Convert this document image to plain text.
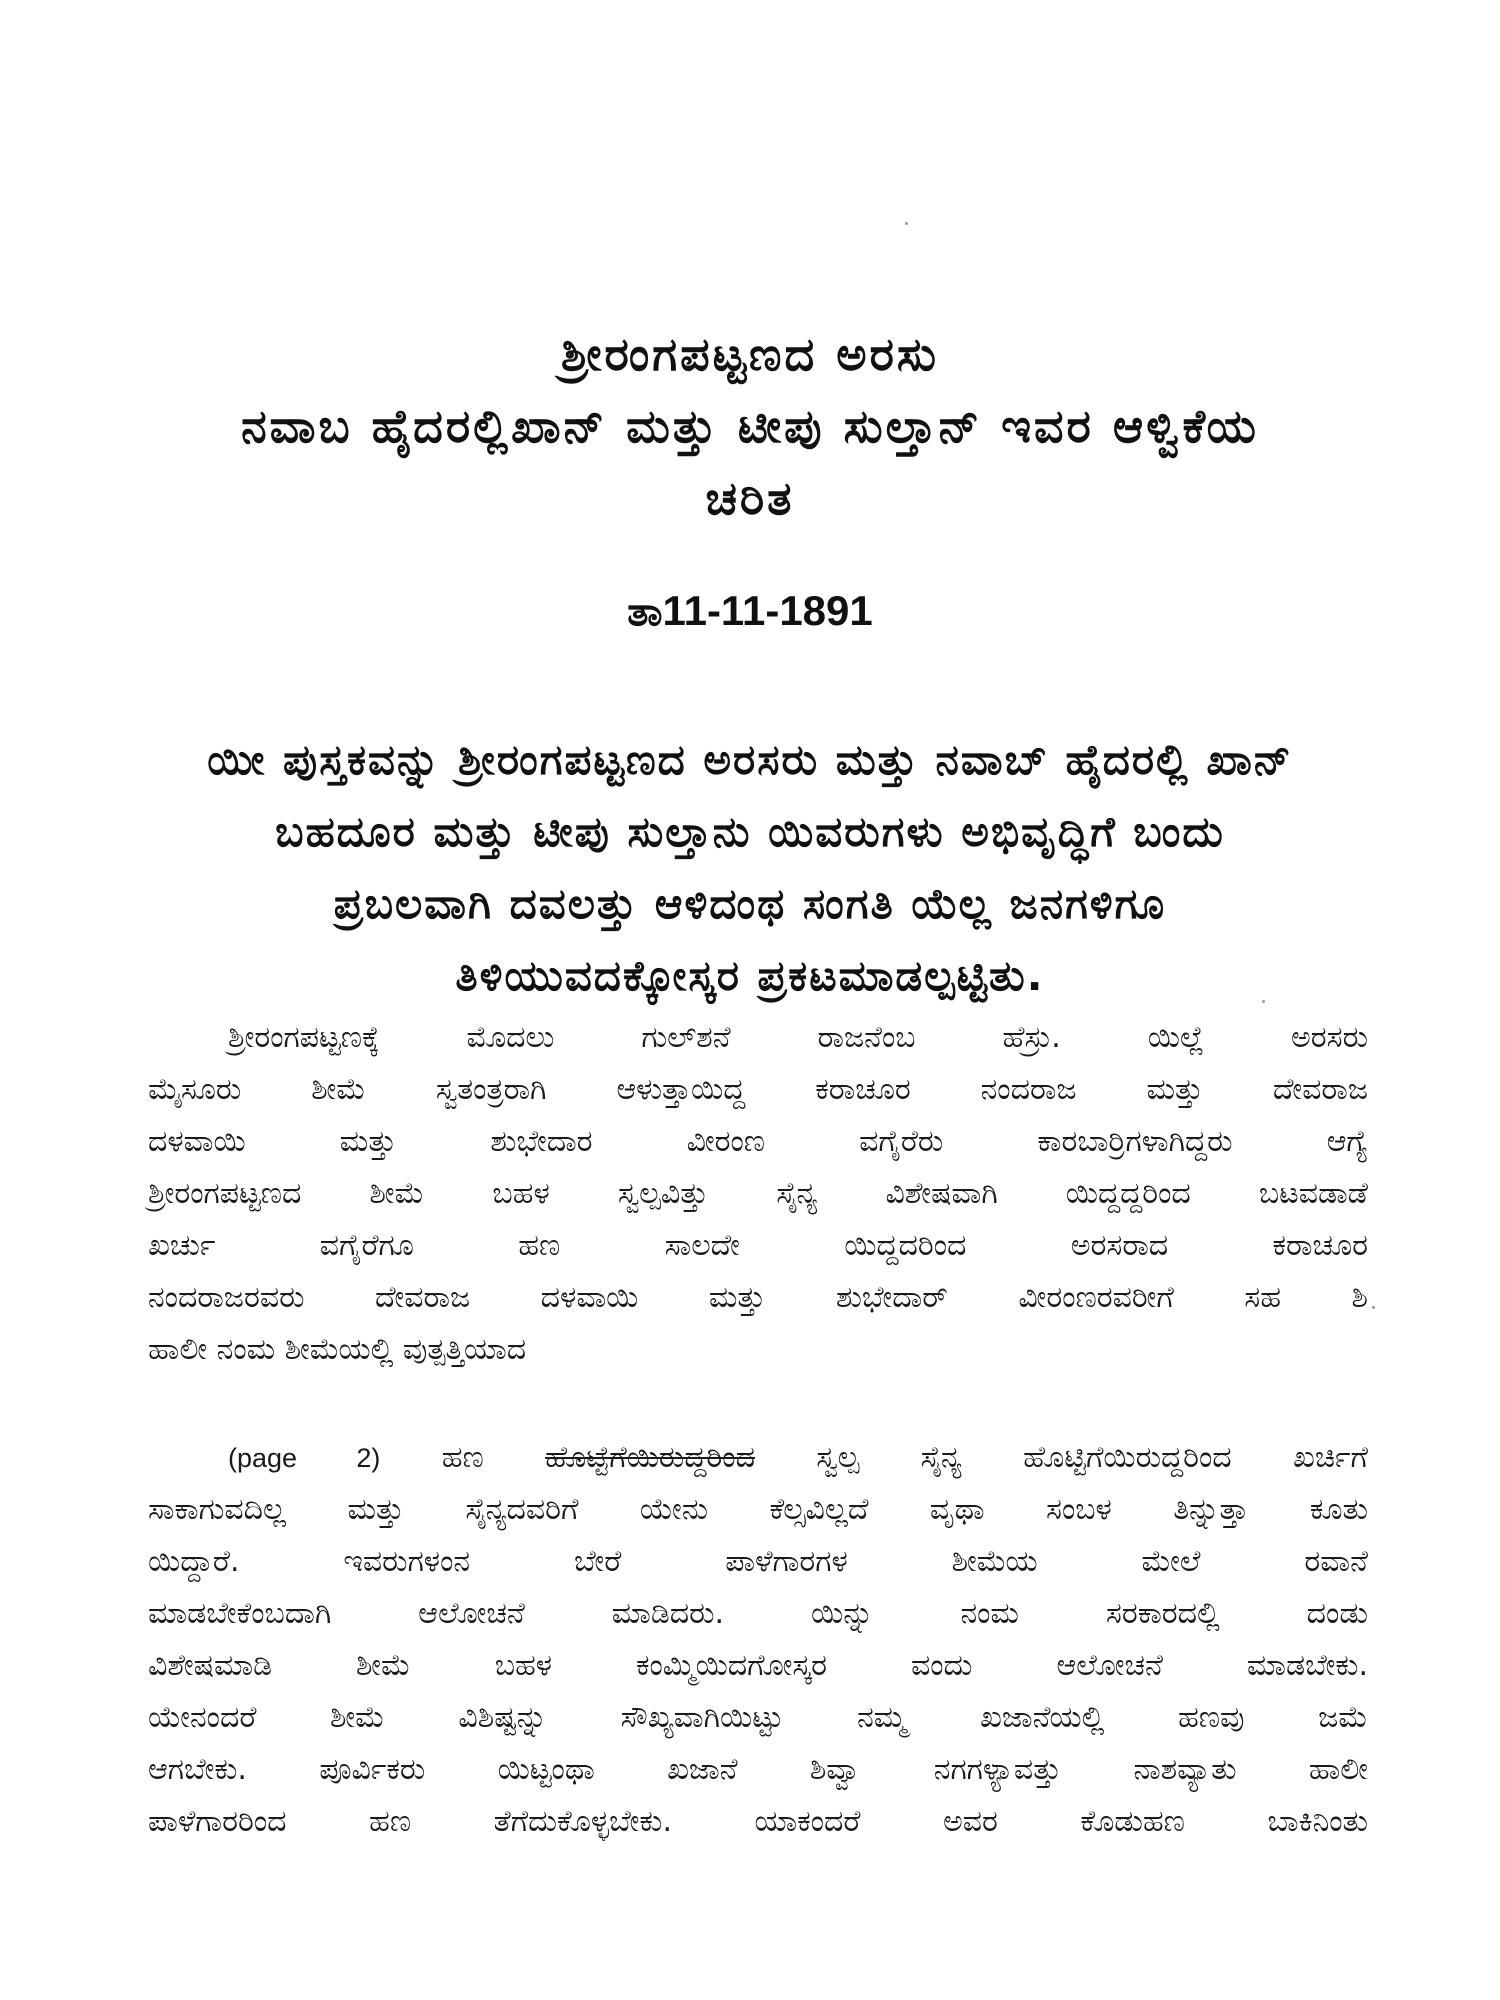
ಶ್ರೀರಂಗಪಟ್ಟಣದ ಅರಸು
ನವಾಬ ಹೈದರಲ್ಲಿಖಾನ್ ಮತ್ತು ಟೀಪು ಸುಲ್ತಾನ್ ಇವರ ಆಳ್ವಿಕೆಯ
ಚರಿತ
ತಾ11-11-1891
ಯೀ ಪುಸ್ತಕವನ್ನು ಶ್ರೀರಂಗಪಟ್ಟಣದ ಅರಸರು ಮತ್ತು ನವಾಬ್ ಹೈದರಲ್ಲಿ ಖಾನ್
ಬಹದೂರ ಮತ್ತು ಟೀಪು ಸುಲ್ತಾನು ಯಿವರುಗಳು ಅಭಿವೃದ್ಧಿಗೆ ಬಂದು
ಪ್ರಬಲವಾಗಿ ದವಲತ್ತು ಆಳಿದಂಥ ಸಂಗತಿ ಯೆಲ್ಲ ಜನಗಳಿಗೂ
ತಿಳಿಯುವದಕ್ಕೋಸ್ಕರ ಪ್ರಕಟಮಾಡಲ್ಪಟ್ಟಿತು.
ಶ್ರೀರಂಗಪಟ್ಟಣಕ್ಕೆ ಮೊದಲು ಗುಲ್‌ಶನೆ ರಾಜನೆಂಬ ಹೆಸ್ರು. ಯಿಲ್ಲೆ ಅರಸರು
ಮೈಸೂರು ಶೀಮೆ ಸ್ವತಂತ್ರರಾಗಿ ಆಳುತ್ತಾಯಿದ್ದ ಕರಾಚೂರ ನಂದರಾಜ ಮತ್ತು ದೇವರಾಜ
ದಳವಾಯಿ ಮತ್ತು ಶುಭೇದಾರ ವೀರಂಣ ವಗೈರೆರು ಕಾರಬಾರ್ರಿಗಳಾಗಿದ್ದರು ಆಗ್ಯೆ
ಶ್ರೀರಂಗಪಟ್ಟಣದ ಶೀಮೆ ಬಹಳ ಸ್ವಲ್ಪವಿತ್ತು ಸೈನ್ಯ ವಿಶೇಷವಾಗಿ ಯಿದ್ದದ್ದರಿಂದ ಬಟವಡಾಡೆ
ಖರ್ಚು ವಗೈರೆಗೂ ಹಣ ಸಾಲದೇ ಯಿದ್ದದರಿಂದ ಅರಸರಾದ ಕರಾಚೂರ
ನಂದರಾಜರವರು ದೇವರಾಜ ದಳವಾಯಿ ಮತ್ತು ಶುಭೇದಾರ್ ವೀರಂಣರವರೀಗೆ ಸಹ ಶಿ
ಹಾಲೀ ನಂಮ ಶೀಮೆಯಲ್ಲಿ ವುತ್ಪತ್ತಿಯಾದ
(page 2) ಹಣ ಹೊಟ್ಟೆಗೆಯಿರುದ್ದರಿಂದ ಸ್ವಲ್ಪ ಸೈನ್ಯ ಹೊಟ್ಟಿಗೆಯಿರುದ್ದರಿಂದ ಖರ್ಚಿಗೆ
ಸಾಕಾಗುವದಿಲ್ಲ ಮತ್ತು ಸೈನ್ಯದವರಿಗೆ ಯೇನು ಕೆಲ್ಸವಿಲ್ಲದೆ ವೃಥಾ ಸಂಬಳ ತಿನ್ನುತ್ತಾ ಕೂತು
ಯಿದ್ದಾರೆ. ಇವರುಗಳಂನ ಬೇರೆ ಪಾಳೆಗಾರಗಳ ಶೀಮೆಯ ಮೇಲೆ ರವಾನೆ
ಮಾಡಬೇಕೆಂಬದಾಗಿ ಆಲೋಚನೆ ಮಾಡಿದರು. ಯಿನ್ನು ನಂಮ ಸರಕಾರದಲ್ಲಿ ದಂಡು
ವಿಶೇಷಮಾಡಿ ಶೀಮೆ ಬಹಳ ಕಂಮ್ಮಿಯಿದಗೋಸ್ಕರ ವಂದು ಆಲೋಚನೆ ಮಾಡಬೇಕು.
ಯೇನಂದರೆ ಶೀಮೆ ವಿಶಿಷ್ಟನ್ನು ಸೌಖ್ಯವಾಗಿಯಿಟ್ಟು ನಮ್ಮ ಖಜಾನೆಯಲ್ಲಿ ಹಣವು ಜಮೆ
ಆಗಬೇಕು. ಪೂರ್ವಿಕರು ಯಿಟ್ಟಂಥಾ ಖಜಾನೆ ಶಿವ್ವಾ ನಗಗಳ್ಯಾವತ್ತು ನಾಶವ್ಯಾತು ಹಾಲೀ
ಪಾಳೆಗಾರರಿಂದ ಹಣ ತೆಗೆದುಕೊಳ್ಳಬೇಕು. ಯಾಕಂದರೆ ಅವರ ಕೊಡುಹಣ ಬಾಕಿನಿಂತು
